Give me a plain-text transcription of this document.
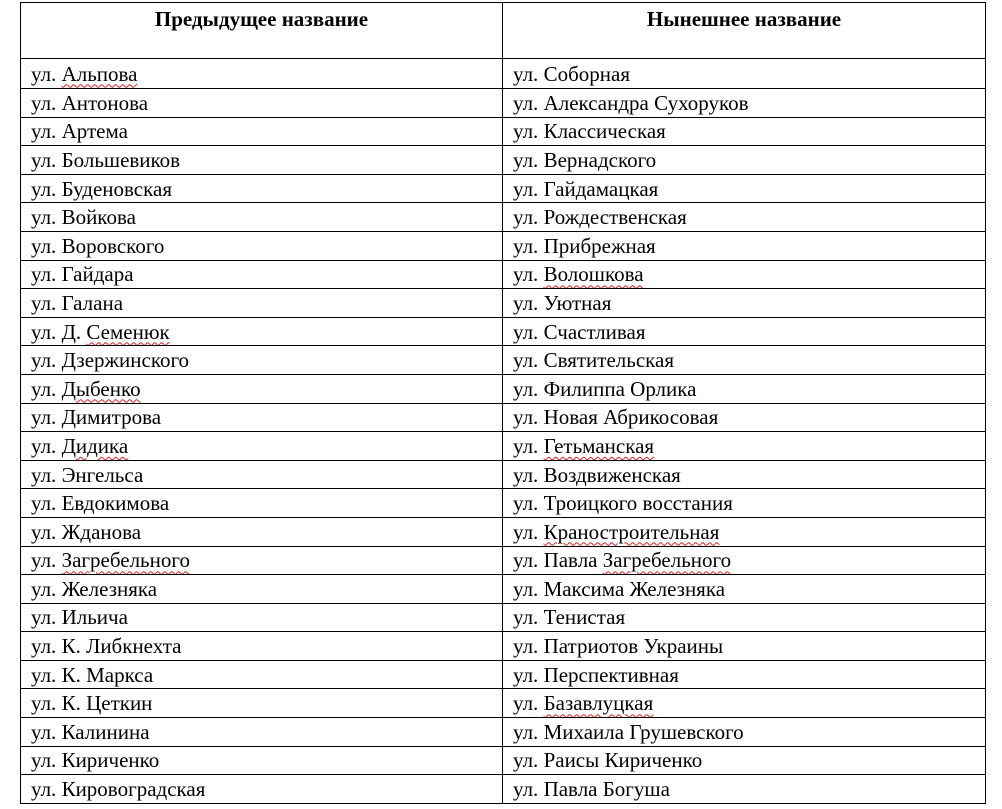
Предыдущее название	Нынешнее название
ул. Альпова	ул. Соборная
ул. Антонова	ул. Александра Сухоруков
ул. Артема	ул. Классическая
ул. Большевиков	ул. Вернадского
ул. Буденовская	ул. Гайдамацкая
ул. Войкова	ул. Рождественская
ул. Воровского	ул. Прибрежная
ул. Гайдара	ул. Волошкова
ул. Галана	ул. Уютная
ул. Д. Семенюк	ул. Счастливая
ул. Дзержинского	ул. Святительская
ул. Дыбенко	ул. Филиппа Орлика
ул. Димитрова	ул. Новая Абрикосовая
ул. Дидика	ул. Гетьманская
ул. Энгельса	ул. Воздвиженская
ул. Евдокимова	ул. Троицкого восстания
ул. Жданова	ул. Краностроительная
ул. Загребельного	ул. Павла Загребельного
ул. Железняка	ул. Максима Железняка
ул. Ильича	ул. Тенистая
ул. К. Либкнехта	ул. Патриотов Украины
ул. К. Маркса	ул. Перспективная
ул. К. Цеткин	ул. Базавлуцкая
ул. Калинина	ул. Михаила Грушевского
ул. Кириченко	ул. Раисы Кириченко
ул. Кировоградская	ул. Павла Богуша
